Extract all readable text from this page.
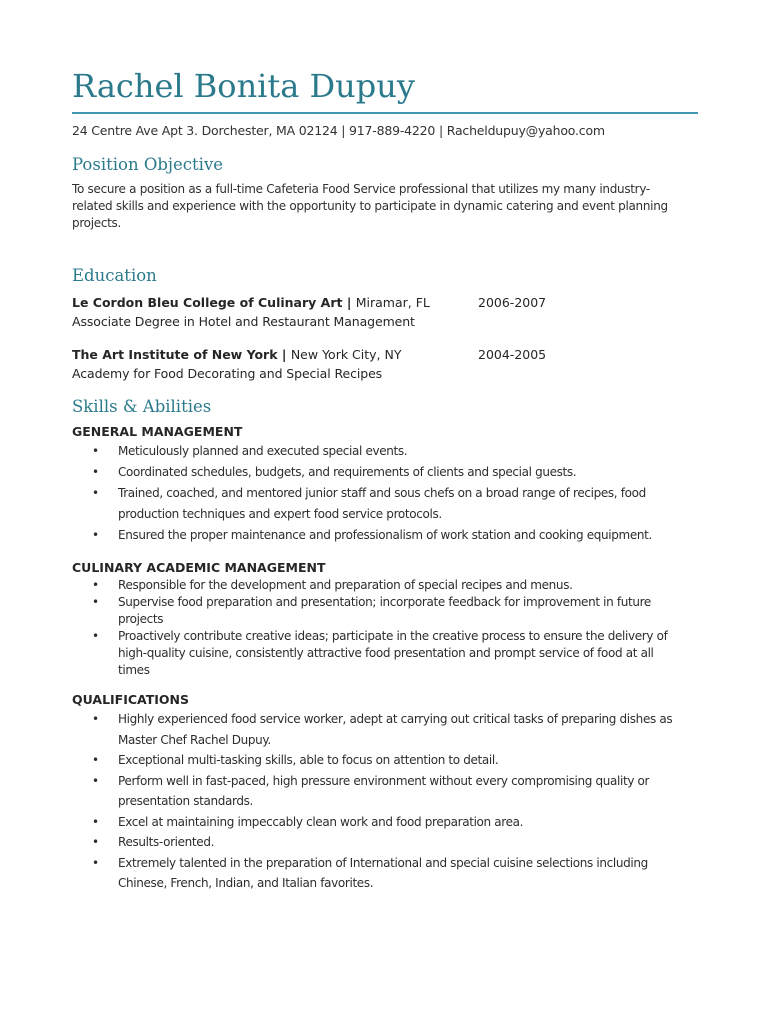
Rachel Bonita Dupuy
24 Centre Ave Apt 3. Dorchester, MA 02124 | 917-889-4220 | Racheldupuy@yahoo.com
Position Objective
To secure a position as a full-time Cafeteria Food Service professional that utilizes my many industry-
related skills and experience with the opportunity to participate in dynamic catering and event planning
projects.
Education
Le Cordon Bleu College of Culinary Art | Miramar, FL	2006-2007
Associate Degree in Hotel and Restaurant Management
The Art Institute of New York | New York City, NY	2004-2005
Academy for Food Decorating and Special Recipes
Skills & Abilities
GENERAL MANAGEMENT
• Meticulously planned and executed special events.
• Coordinated schedules, budgets, and requirements of clients and special guests.
• Trained, coached, and mentored junior staff and sous chefs on a broad range of recipes, food
production techniques and expert food service protocols.
• Ensured the proper maintenance and professionalism of work station and cooking equipment.
CULINARY ACADEMIC MANAGEMENT
• Responsible for the development and preparation of special recipes and menus.
• Supervise food preparation and presentation; incorporate feedback for improvement in future
projects
• Proactively contribute creative ideas; participate in the creative process to ensure the delivery of
high-quality cuisine, consistently attractive food presentation and prompt service of food at all
times
QUALIFICATIONS
• Highly experienced food service worker, adept at carrying out critical tasks of preparing dishes as
Master Chef Rachel Dupuy.
• Exceptional multi-tasking skills, able to focus on attention to detail.
• Perform well in fast-paced, high pressure environment without every compromising quality or
presentation standards.
• Excel at maintaining impeccably clean work and food preparation area.
• Results-oriented.
• Extremely talented in the preparation of International and special cuisine selections including
Chinese, French, Indian, and Italian favorites.
